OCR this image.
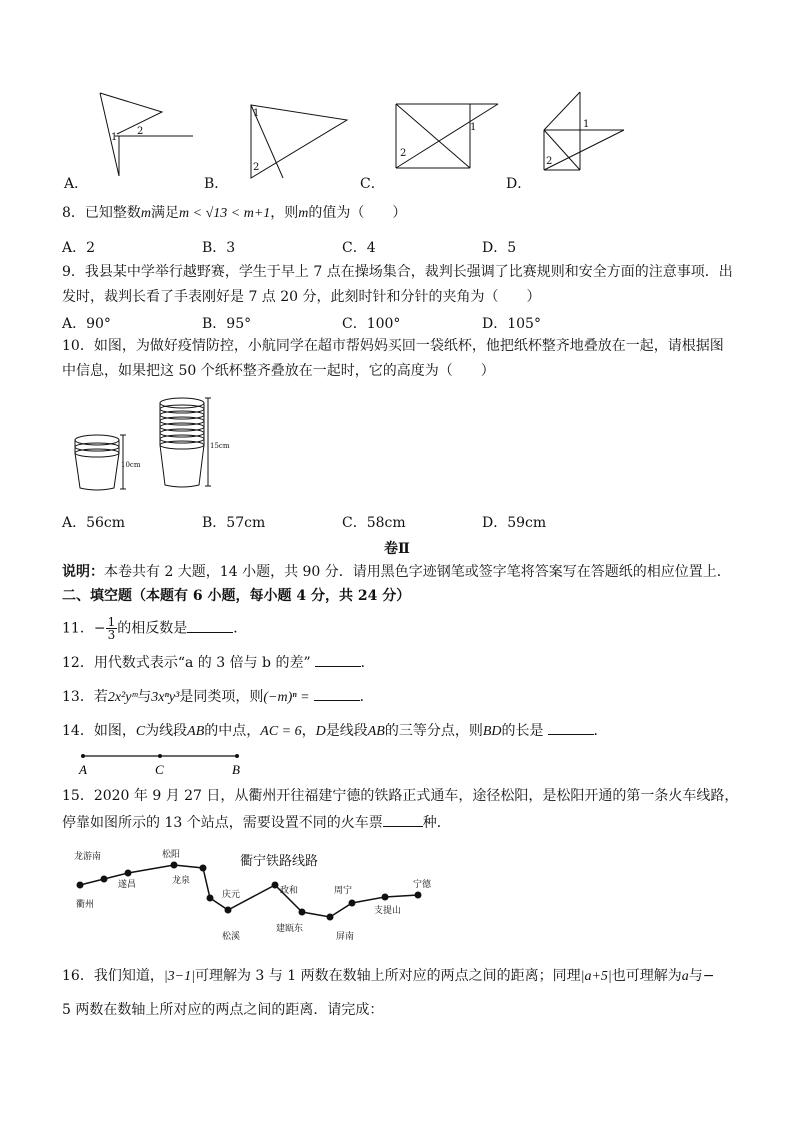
1
2
A．
1
2
B．
1
2
C．
1
2
D．
8．已知整数m满足m < √13 < m+1，则m的值为（　　）
A．2	B．3	C．4	D．5
9．我县某中学举行越野赛，学生于早上 7 点在操场集合，裁判长强调了比赛规则和安全方面的注意事项．出
发时，裁判长看了手表刚好是 7 点 20 分，此刻时针和分针的夹角为（　　）
A．90°	B．95°	C．100°	D．105°
10．如图，为做好疫情防控，小航同学在超市帮妈妈买回一袋纸杯，他把纸杯整齐地叠放在一起，请根据图
中信息，如果把这 50 个纸杯整齐叠放在一起时，它的高度为（　　）
10cm
15cm
A．56cm	B．57cm	C．58cm	D．59cm
卷Ⅱ
说明：本卷共有 2 大题，14 小题，共 90 分．请用黑色字迹钢笔或签字笔将答案写在答题纸的相应位置上．
二、填空题（本题有 6 小题，每小题 4 分，共 24 分）
11．− $\frac{1}{3}$ 的相反数是	．
12．用代数式表示“a 的 3 倍与 b 的差”	．
13．若2x²yᵐ与3xⁿy³是同类项，则(−m)ⁿ =	．
14．如图，C为线段AB的中点，AC = 6，D是线段AB的三等分点，则BD的长是	．
A	C	B
15．2020 年 9 月 27 日，从衢州开往福建宁德的铁路正式通车，途径松阳，是松阳开通的第一条火车线路，
停靠如图所示的 13 个站点，需要设置不同的火车票	种．
衢宁铁路线路
衢州
龙游南
遂昌
松阳
龙泉
庆元
松溪
政和
建瓯东
周宁
屏南
支提山
宁德
16．我们知道，|3−1|可理解为 3 与 1 两数在数轴上所对应的两点之间的距离；同理|a+5|也可理解为a与−
5 两数在数轴上所对应的两点之间的距离．请完成：
